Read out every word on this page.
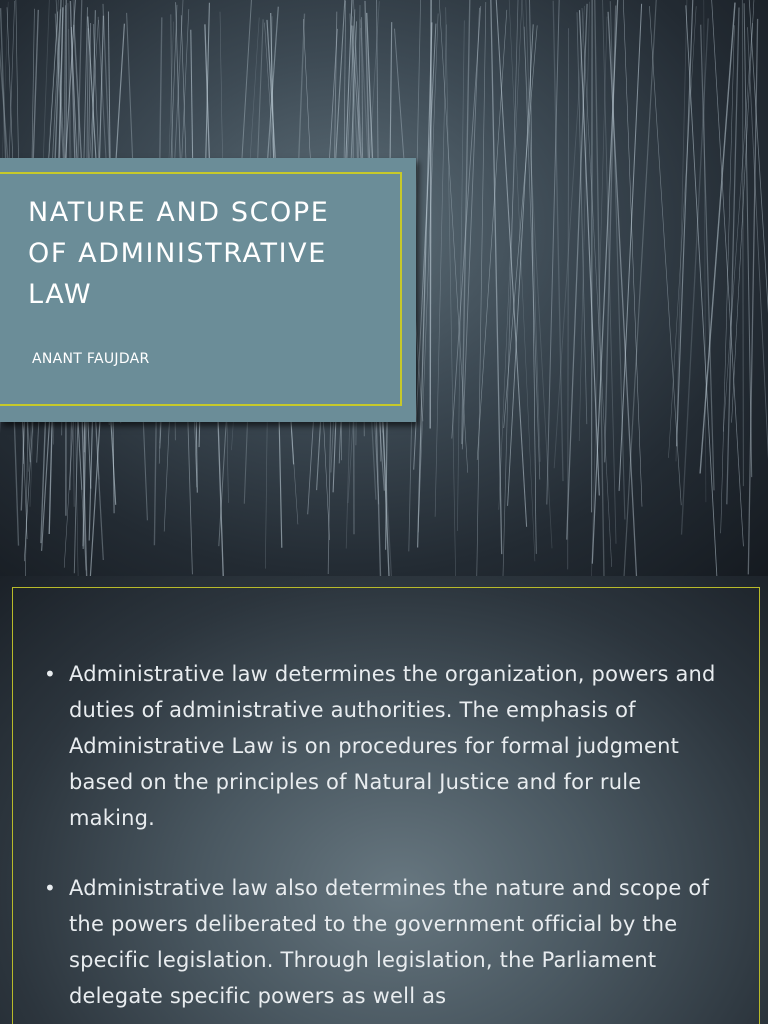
NATURE AND SCOPE
OF ADMINISTRATIVE
LAW
ANANT FAUJDAR
• Administrative law determines the organization, powers and duties of administrative authorities. The emphasis of Administrative Law is on procedures for formal judgment based on the principles of Natural Justice and for rule making.
• Administrative law also determines the nature and scope of the powers deliberated to the government official by the specific legislation. Through legislation, the Parliament delegate specific powers as well as
